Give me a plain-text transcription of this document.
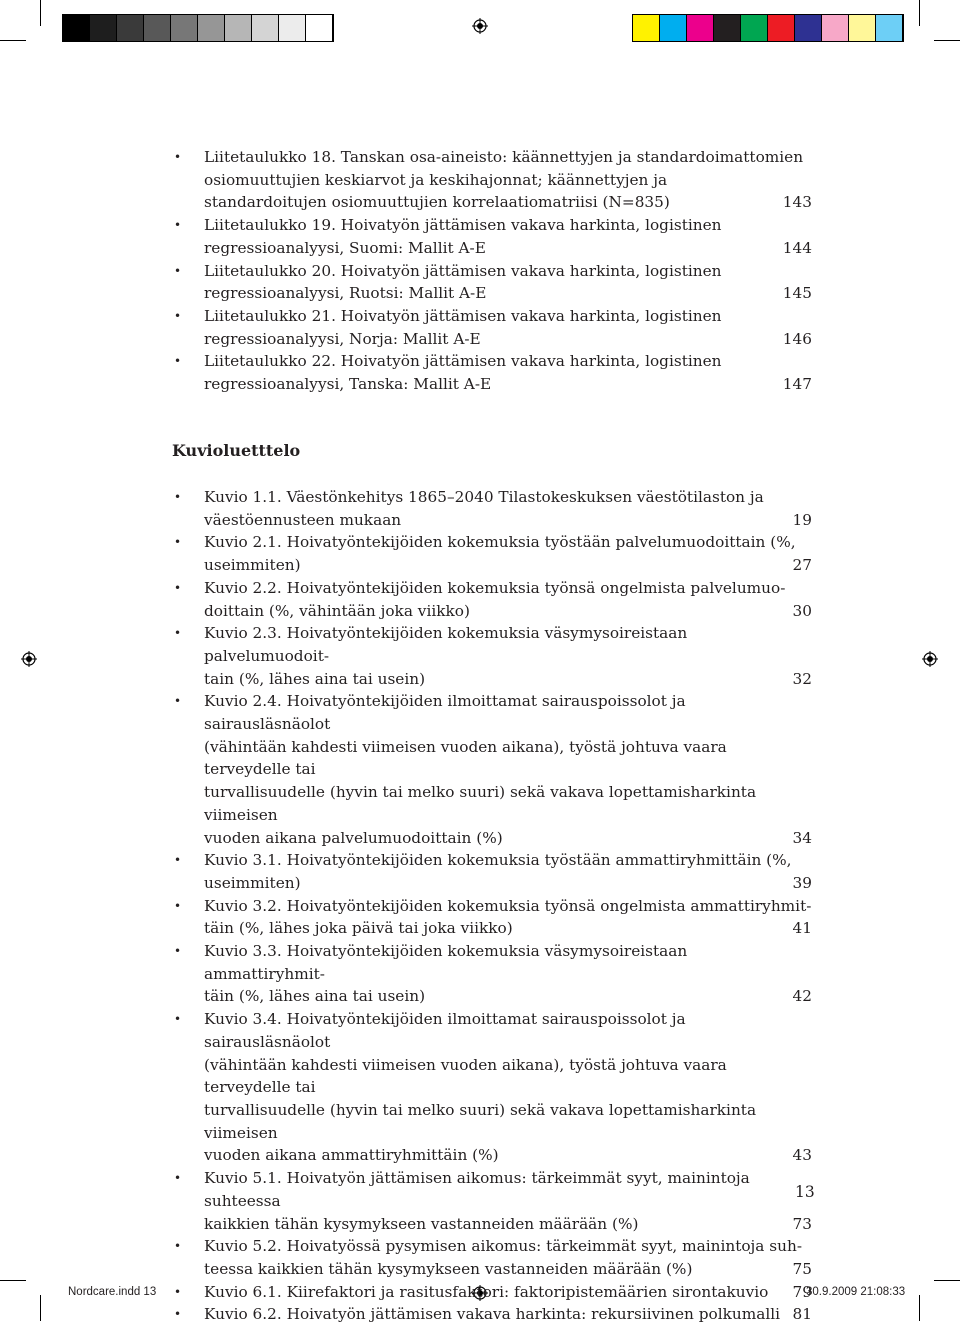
• Liitetaulukko 18. Tanskan osa-aineisto: käännettyjen ja standardoimattomien
osiomuuttujien keskiarvot ja keskihajonnat; käännettyjen ja
standardoitujen osiomuuttujien korrelaatiomatriisi (N=835)	143
• Liitetaulukko 19. Hoivatyön jättämisen vakava harkinta, logistinen
regressioanalyysi, Suomi: Mallit A-E	144
• Liitetaulukko 20. Hoivatyön jättämisen vakava harkinta, logistinen
regressioanalyysi, Ruotsi: Mallit A-E	145
• Liitetaulukko 21. Hoivatyön jättämisen vakava harkinta, logistinen
regressioanalyysi, Norja: Mallit A-E	146
• Liitetaulukko 22. Hoivatyön jättämisen vakava harkinta, logistinen
regressioanalyysi, Tanska: Mallit A-E	147
Kuvioluetttelo
• Kuvio 1.1. Väestönkehitys 1865–2040 Tilastokeskuksen väestötilaston ja
väestöennusteen mukaan	19
• Kuvio 2.1. Hoivatyöntekijöiden kokemuksia työstään palvelumuodoittain (%,
useimmiten)	27
• Kuvio 2.2. Hoivatyöntekijöiden kokemuksia työnsä ongelmista palvelumuo-
doittain (%, vähintään joka viikko)	30
• Kuvio 2.3. Hoivatyöntekijöiden kokemuksia väsymysoireistaan palvelumuodoit-
tain (%, lähes aina tai usein)	32
• Kuvio 2.4. Hoivatyöntekijöiden ilmoittamat sairauspoissolot ja sairausläsnäolot
(vähintään kahdesti viimeisen vuoden aikana), työstä johtuva vaara terveydelle tai
turvallisuudelle (hyvin tai melko suuri) sekä vakava lopettamisharkinta viimeisen
vuoden aikana palvelumuodoittain (%)	34
• Kuvio 3.1. Hoivatyöntekijöiden kokemuksia työstään ammattiryhmittäin (%,
useimmiten)	39
• Kuvio 3.2. Hoivatyöntekijöiden kokemuksia työnsä ongelmista ammattiryhmit-
täin (%, lähes joka päivä tai joka viikko)	41
• Kuvio 3.3. Hoivatyöntekijöiden kokemuksia väsymysoireistaan ammattiryhmit-
täin (%, lähes aina tai usein)	42
• Kuvio 3.4. Hoivatyöntekijöiden ilmoittamat sairauspoissolot ja sairausläsnäolot
(vähintään kahdesti viimeisen vuoden aikana), työstä johtuva vaara terveydelle tai
turvallisuudelle (hyvin tai melko suuri) sekä vakava lopettamisharkinta viimeisen
vuoden aikana ammattiryhmittäin (%)	43
• Kuvio 5.1. Hoivatyön jättämisen aikomus: tärkeimmät syyt, mainintoja suhteessa
kaikkien tähän kysymykseen vastanneiden määrään (%)	73
• Kuvio 5.2. Hoivatyössä pysymisen aikomus: tärkeimmät syyt, mainintoja suh-
teessa kaikkien tähän kysymykseen vastanneiden määrään (%)	75
• Kuvio 6.1. Kiirefaktori ja rasitusfaktori: faktoripistemäärien sirontakuvio	79
• Kuvio 6.2. Hoivatyön jättämisen vakava harkinta: rekursiivinen polkumalli 81
13
Nordcare.indd 13	30.9.2009 21:08:33
